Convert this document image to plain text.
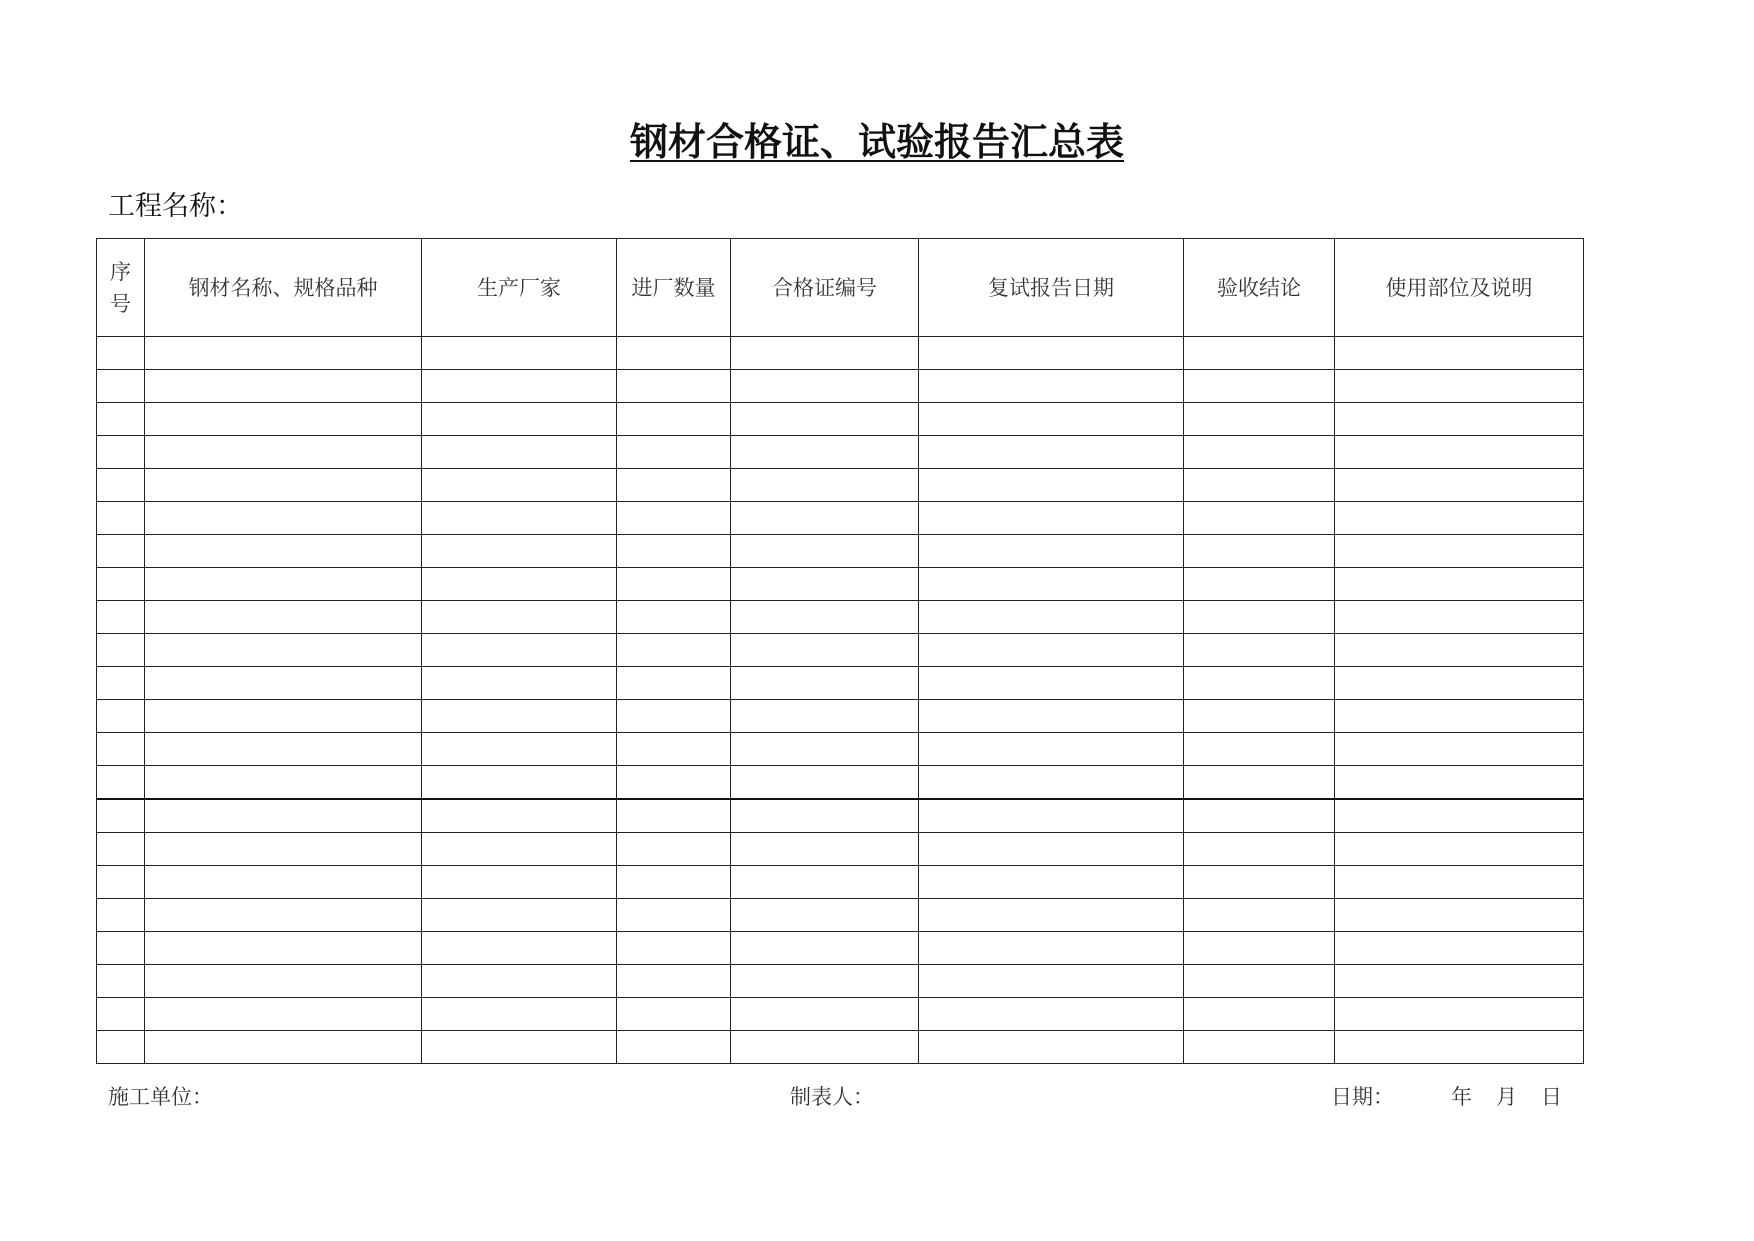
钢材合格证、试验报告汇总表
工程名称：
序号	钢材名称、规格品种	生产厂家	进厂数量	合格证编号	复试报告日期	验收结论	使用部位及说明

施工单位：	制表人：	日期：	年 月 日
